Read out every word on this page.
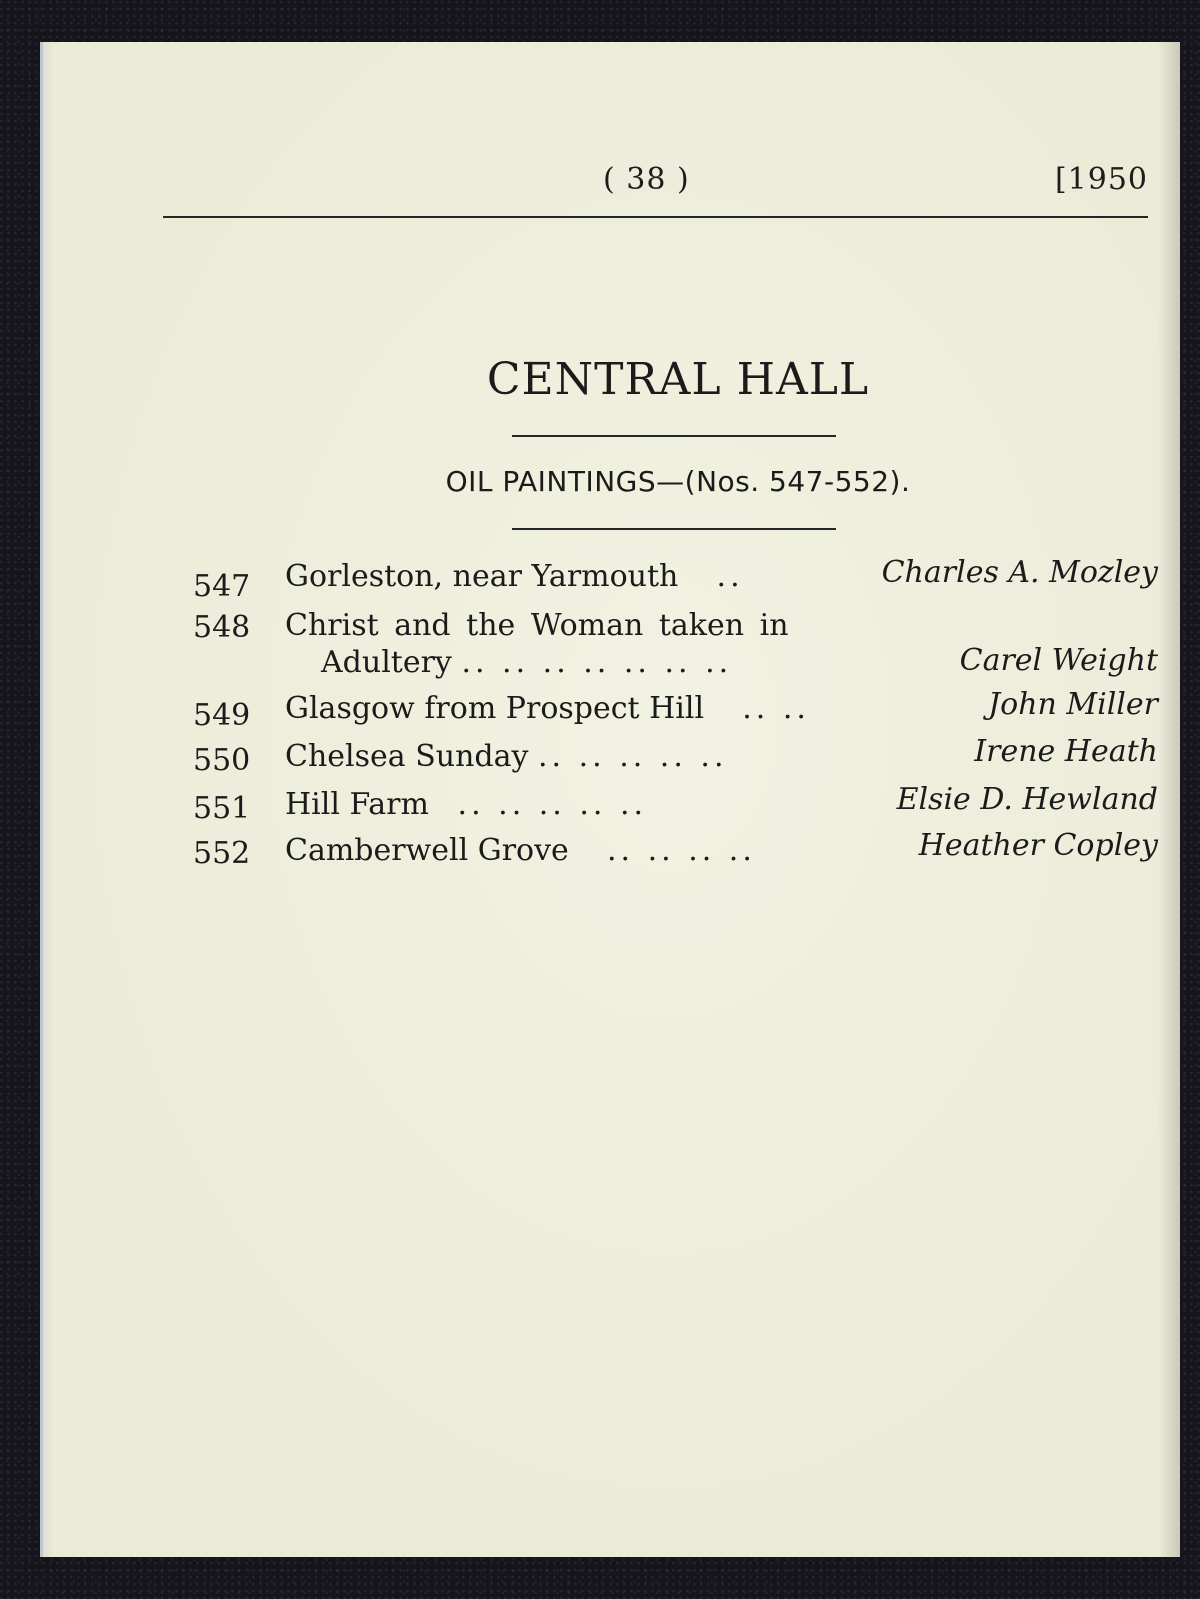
( 38 )	[1950
CENTRAL HALL
OIL PAINTINGS—(Nos. 547-552).
547 Gorleston, near Yarmouth ..	Charles A. Mozley
548 Christ and the Woman taken in
Adultery .. .. .. .. .. .. ..	Carel Weight
549 Glasgow from Prospect Hill .. ..	John Miller
550 Chelsea Sunday .. .. .. .. ..	Irene Heath
551 Hill Farm .. .. .. .. ..	Elsie D. Hewland
552 Camberwell Grove .. .. .. ..	Heather Copley
